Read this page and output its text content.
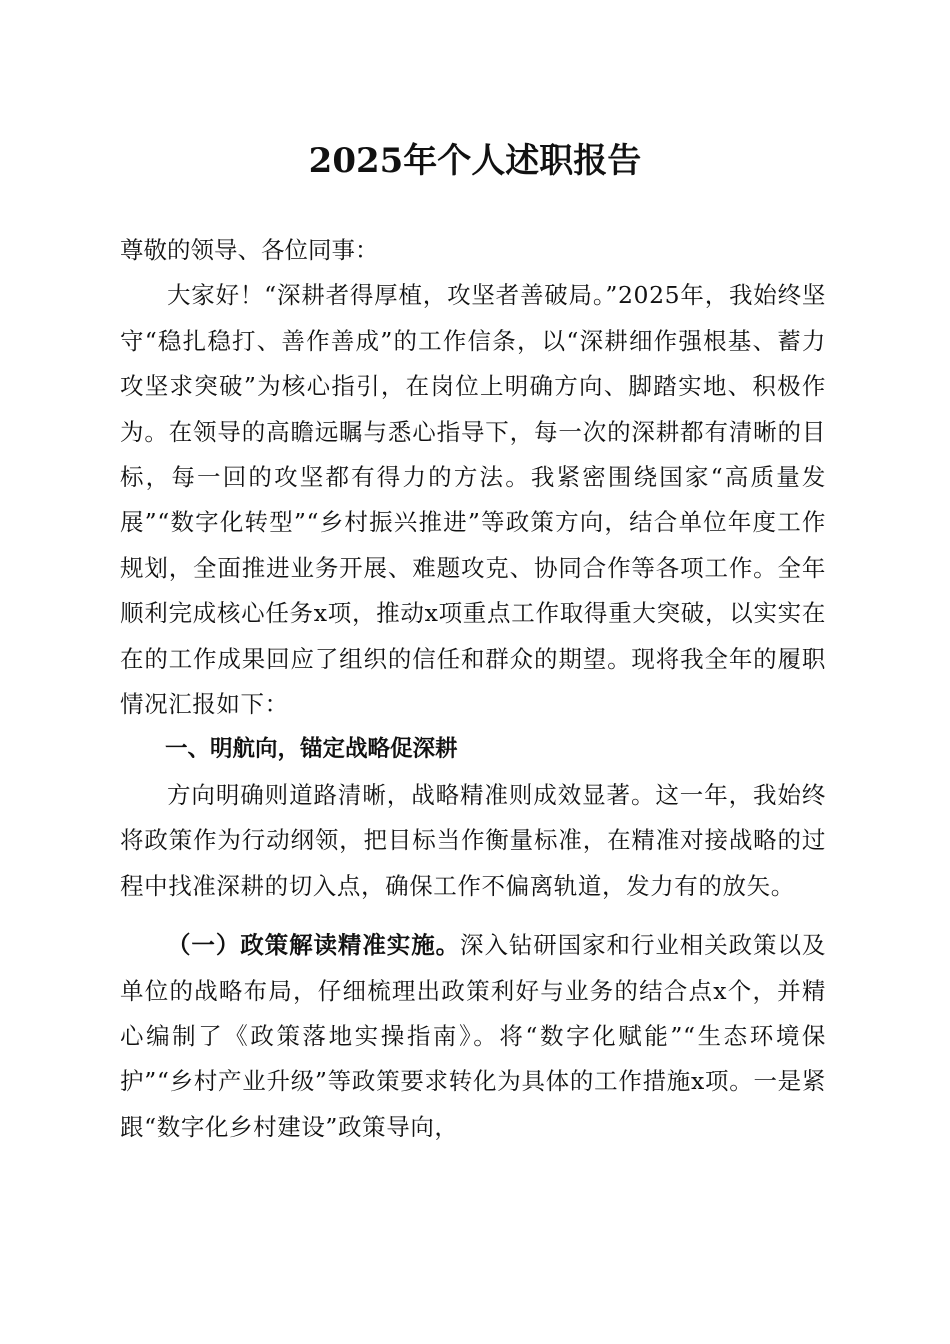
2025年个人述职报告

尊敬的领导、各位同事：

大家好！“深耕者得厚植，攻坚者善破局。”2025年，我始终坚守“稳扎稳打、善作善成”的工作信条，以“深耕细作强根基、蓄力攻坚求突破”为核心指引，在岗位上明确方向、脚踏实地、积极作为。在领导的高瞻远瞩与悉心指导下，每一次的深耕都有清晰的目标，每一回的攻坚都有得力的方法。我紧密围绕国家“高质量发展”“数字化转型”“乡村振兴推进”等政策方向，结合单位年度工作规划，全面推进业务开展、难题攻克、协同合作等各项工作。全年顺利完成核心任务x项，推动x项重点工作取得重大突破，以实实在在的工作成果回应了组织的信任和群众的期望。现将我全年的履职情况汇报如下：

一、明航向，锚定战略促深耕

方向明确则道路清晰，战略精准则成效显著。这一年，我始终将政策作为行动纲领，把目标当作衡量标准，在精准对接战略的过程中找准深耕的切入点，确保工作不偏离轨道，发力有的放矢。

（一）政策解读精准实施。深入钻研国家和行业相关政策以及单位的战略布局，仔细梳理出政策利好与业务的结合点x个，并精心编制了《政策落地实操指南》。将“数字化赋能”“生态环境保护”“乡村产业升级”等政策要求转化为具体的工作措施x项。一是紧跟“数字化乡村建设”政策导向，
